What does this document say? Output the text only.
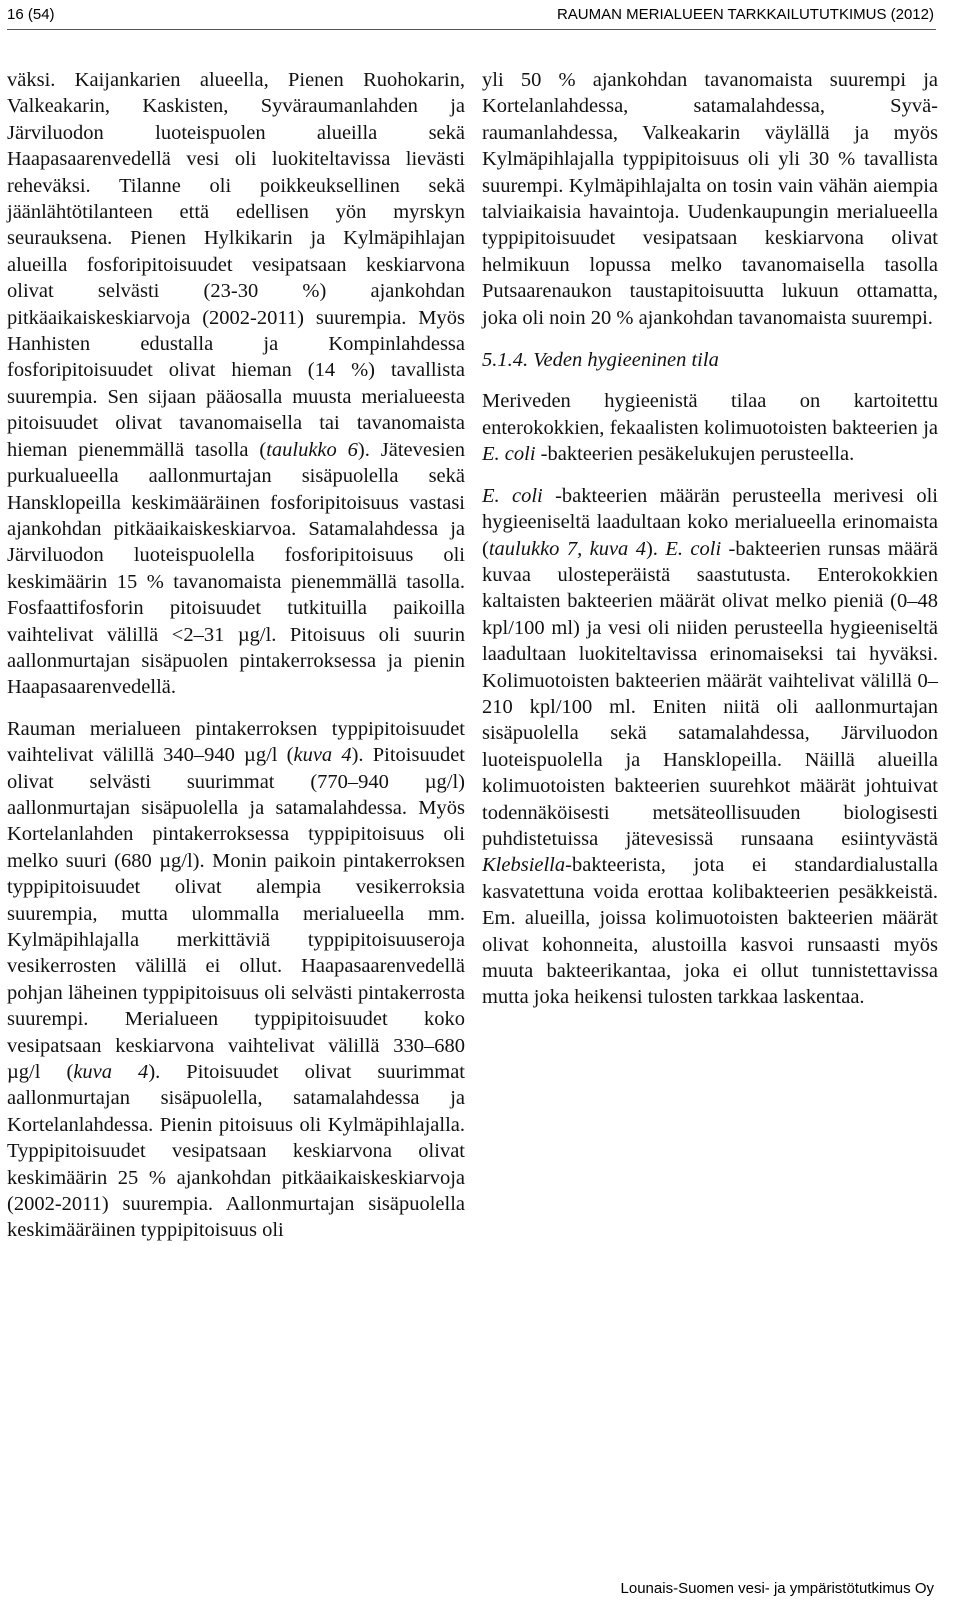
16 (54)	RAUMAN MERIALUEEN TARKKAILUTUTKIMUS (2012)

väksi. Kaijankarien alueella, Pienen Ruohokarin, Valkeakarin, Kaskisten, Syväraumanlahden ja Järviluodon luoteispuolen alueilla sekä Haapasaarenvedellä vesi oli luokiteltavissa lievästi reheväksi. Tilanne oli poikkeuksellinen sekä jäänlähtötilanteen että edellisen yön myrskyn seurauksena. Pienen Hylkikarin ja Kylmäpihlajan alueilla fosforipitoisuudet vesipatsaan keskiarvona olivat selvästi (23-30 %) ajankohdan pitkäaikaiskeskiarvoja (2002-2011) suurempia. Myös Hanhisten edustalla ja Kompinlahdessa fosforipitoisuudet olivat hieman (14 %) tavallista suurempia. Sen sijaan pääosalla muusta merialueesta pitoisuudet olivat tavanomaisella tai tavanomaista hieman pienemmällä tasolla (taulukko 6). Jätevesien purkualueella aallonmurtajan sisäpuolella sekä Hansklopeilla keskimääräinen fosforipitoisuus vastasi ajankohdan pitkäaikaiskeskiarvoa. Satamalahdessa ja Järviluodon luoteispuolella fosforipitoisuus oli keskimäärin 15 % tavanomaista pienemmällä tasolla. Fosfaattifosforin pitoisuudet tutkituilla paikoilla vaihtelivat välillä <2–31 µg/l. Pitoisuus oli suurin aallonmurtajan sisäpuolen pintakerroksessa ja pienin Haapasaarenvedellä.

Rauman merialueen pintakerroksen typpipitoisuudet vaihtelivat välillä 340–940 µg/l (kuva 4). Pitoisuudet olivat selvästi suurimmat (770–940 µg/l) aallonmurtajan sisäpuolella ja satamalahdessa. Myös Kortelanlahden pintakerroksessa typpipitoisuus oli melko suuri (680 µg/l). Monin paikoin pintakerroksen typpipitoisuudet olivat alempia vesikerroksia suurempia, mutta ulommalla merialueella mm. Kylmäpihlajalla merkittäviä typpipitoisuuseroja vesikerrosten välillä ei ollut. Haapasaarenvedellä pohjan läheinen typpipitoisuus oli selvästi pintakerrosta suurempi. Merialueen typpipitoisuudet koko vesipatsaan keskiarvona vaihtelivat välillä 330–680 µg/l (kuva 4). Pitoisuudet olivat suurimmat aallonmurtajan sisäpuolella, satamalahdessa ja Kortelanlahdessa. Pienin pitoisuus oli Kylmäpihlajalla. Typpipitoisuudet vesipatsaan keskiarvona olivat keskimäärin 25 % ajankohdan pitkäaikaiskeskiarvoja (2002-2011) suurempia. Aallonmurtajan sisäpuolella keskimääräinen typpipitoisuus oli

yli 50 % ajankohdan tavanomaista suurempi ja Kortelanlahdessa, satamalahdessa, Syväraumanlahdessa, Valkeakarin väylällä ja myös Kylmäpihlajalla typpipitoisuus oli yli 30 % tavallista suurempi. Kylmäpihlajalta on tosin vain vähän aiempia talviaikaisia havaintoja. Uudenkaupungin merialueella typpipitoisuudet vesipatsaan keskiarvona olivat helmikuun lopussa melko tavanomaisella tasolla Putsaarenaukon taustapitoisuutta lukuun ottamatta, joka oli noin 20 % ajankohdan tavanomaista suurempi.

5.1.4. Veden hygieeninen tila

Meriveden hygieenistä tilaa on kartoitettu enterokokkien, fekaalisten kolimuotoisten bakteerien ja E. coli -bakteerien pesäkelukujen perusteella.

E. coli -bakteerien määrän perusteella merivesi oli hygieeniseltä laadultaan koko merialueella erinomaista (taulukko 7, kuva 4). E. coli -bakteerien runsas määrä kuvaa ulosteperäistä saastutusta. Enterokokkien kaltaisten bakteerien määrät olivat melko pieniä (0–48 kpl/100 ml) ja vesi oli niiden perusteella hygieeniseltä laadultaan luokiteltavissa erinomaiseksi tai hyväksi. Kolimuotoisten bakteerien määrät vaihtelivat välillä 0–210 kpl/100 ml. Eniten niitä oli aallonmurtajan sisäpuolella sekä satamalahdessa, Järviluodon luoteispuolella ja Hansklopeilla. Näillä alueilla kolimuotoisten bakteerien suurehkot määrät johtuivat todennäköisesti metsäteollisuuden biologisesti puhdistetuissa jätevesissä runsaana esiintyvästä Klebsiella-bakteerista, jota ei standardialustalla kasvatettuna voida erottaa kolibakteerien pesäkkeistä. Em. alueilla, joissa kolimuotoisten bakteerien määrät olivat kohonneita, alustoilla kasvoi runsaasti myös muuta bakteerikantaa, joka ei ollut tunnistettavissa mutta joka heikensi tulosten tarkkaa laskentaa.

Lounais-Suomen vesi- ja ympäristötutkimus Oy
